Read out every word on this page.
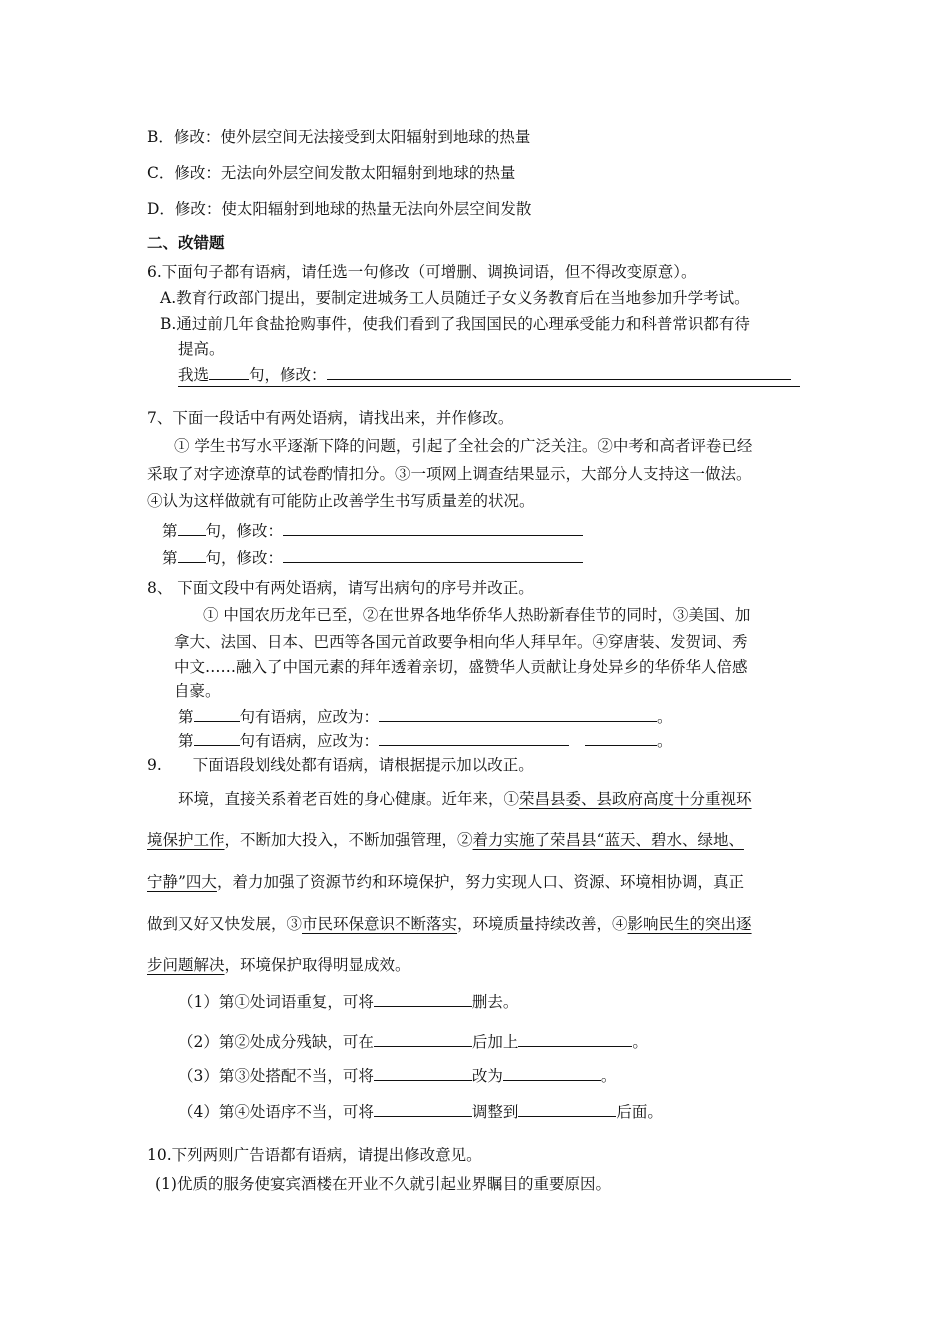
B．修改：使外层空间无法接受到太阳辐射到地球的热量
C．修改：无法向外层空间发散太阳辐射到地球的热量
D．修改：使太阳辐射到地球的热量无法向外层空间发散
二、改错题
6.下面句子都有语病，请任选一句修改（可增删、调换词语，但不得改变原意）。
A.教育行政部门提出，要制定进城务工人员随迁子女义务教育后在当地参加升学考试。
B.通过前几年食盐抢购事件，使我们看到了我国国民的心理承受能力和科普常识都有待
提高。
我选	句，修改：
7、下面一段话中有两处语病，请找出来，并作修改。
① 学生书写水平逐渐下降的问题，引起了全社会的广泛关注。②中考和高者评卷已经
采取了对字迹潦草的试卷酌情扣分。③一项网上调查结果显示，大部分人支持这一做法。
④认为这样做就有可能防止改善学生书写质量差的状况。
第 句，修改：
第 句，修改：
8、 下面文段中有两处语病，请写出病句的序号并改正。
① 中国农历龙年已至，②在世界各地华侨华人热盼新春佳节的同时，③美国、加
拿大、法国、日本、巴西等各国元首政要争相向华人拜早年。④穿唐装、发贺词、秀
中文……融入了中国元素的拜年透着亲切，盛赞华人贡献让身处异乡的华侨华人倍感
自豪。
第	句有语病，应改为：	。
第	句有语病，应改为：	。
9.　　下面语段划线处都有语病，请根据提示加以改正。
环境，直接关系着老百姓的身心健康。近年来，①荣昌县委、县政府高度十分重视环
境保护工作，不断加大投入，不断加强管理，②着力实施了荣昌县“蓝天、碧水、绿地、
宁静”四大，着力加强了资源节约和环境保护，努力实现人口、资源、环境相协调，真正
做到又好又快发展，③市民环保意识不断落实，环境质量持续改善，④影响民生的突出逐
步问题解决，环境保护取得明显成效。
（1）第①处词语重复，可将	删去。
（2）第②处成分残缺，可在	后加上	。
（3）第③处搭配不当，可将	改为	。
（4）第④处语序不当，可将	调整到	后面。
10.下列两则广告语都有语病，请提出修改意见。
(1)优质的服务使宴宾酒楼在开业不久就引起业界瞩目的重要原因。
